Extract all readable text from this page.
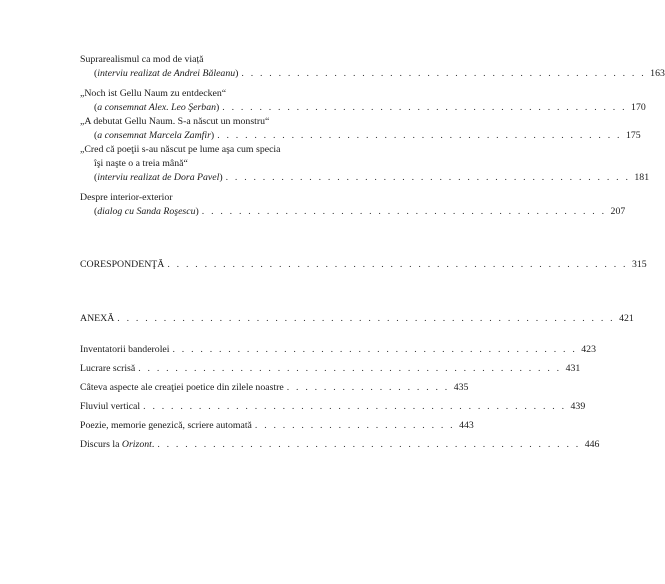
Suprarealismul ca mod de viață
(interviu realizat de Andrei Băleanu) . . . . . . . . . . . . . . . . . . . . . . . . . . . . . . . . . . . . . . . . . . . . 163
„Noch ist Gellu Naum zu entdecken“
(a consemnat Alex. Leo Şerban) . . . . . . . . . . . . . . . . . . . . . . . . . . . . . . . . . . . . . . . . . . . . 170
„A debutat Gellu Naum. S-a născut un monstru“
(a consemnat Marcela Zamfir) . . . . . . . . . . . . . . . . . . . . . . . . . . . . . . . . . . . . . . . . . . . . 175
„Cred că poeţii s-au născut pe lume aşa cum specia
îşi naşte o a treia mână“
(interviu realizat de Dora Pavel) . . . . . . . . . . . . . . . . . . . . . . . . . . . . . . . . . . . . . . . . . . . . 181
Despre interior-exterior
(dialog cu Sanda Roşescu) . . . . . . . . . . . . . . . . . . . . . . . . . . . . . . . . . . . . . . . . . . . . 207
CORESPONDENŢĂ . . . . . . . . . . . . . . . . . . . . . . . . . . . . . . . . . . . . . . . . . . . . . . . . . . 315
ANEXĂ . . . . . . . . . . . . . . . . . . . . . . . . . . . . . . . . . . . . . . . . . . . . . . . . . . . . . . 421
Inventatorii banderolei . . . . . . . . . . . . . . . . . . . . . . . . . . . . . . . . . . . . . . . . . . . . 423
Lucrare scrisă . . . . . . . . . . . . . . . . . . . . . . . . . . . . . . . . . . . . . . . . . . . . . . 431
Câteva aspecte ale creaţiei poetice din zilele noastre . . . . . . . . . . . . . . . . . . 435
Fluviul vertical . . . . . . . . . . . . . . . . . . . . . . . . . . . . . . . . . . . . . . . . . . . . . . 439
Poezie, memorie genezică, scriere automată . . . . . . . . . . . . . . . . . . . . . . 443
Discurs la Orizont. . . . . . . . . . . . . . . . . . . . . . . . . . . . . . . . . . . . . . . . . . . . . . . 446
